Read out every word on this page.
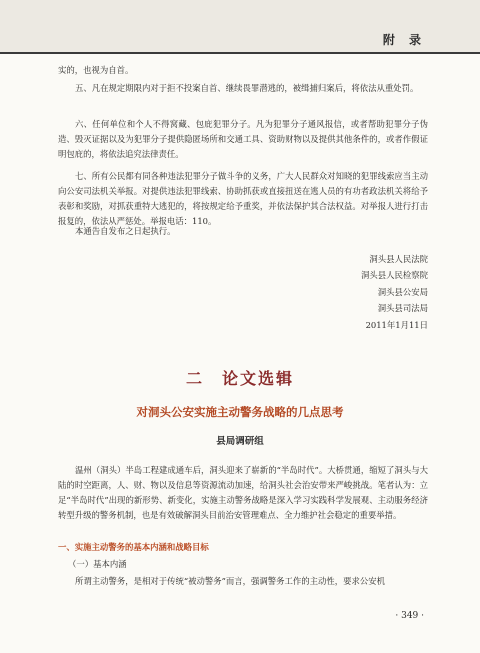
附 录

实的，也视为自首。

五、凡在规定期限内对于拒不投案自首、继续畏罪潜逃的，被缉捕归案后，将依法从重处罚。

六、任何单位和个人不得窝藏、包庇犯罪分子。凡为犯罪分子通风报信，或者帮助犯罪分子伪造、毁灭证据以及为犯罪分子提供隐匿场所和交通工具、资助财物以及提供其他条件的，或者作假证明包庇的，将依法追究法律责任。

七、所有公民都有同各种违法犯罪分子做斗争的义务，广大人民群众对知晓的犯罪线索应当主动向公安司法机关举报。对提供违法犯罪线索、协助抓获或直接扭送在逃人员的有功者政法机关将给予表彰和奖励，对抓获重特大逃犯的，将按规定给予重奖，并依法保护其合法权益。对举报人进行打击报复的，依法从严惩处。举报电话：110。

本通告自发布之日起执行。

洞头县人民法院
洞头县人民检察院
洞头县公安局
洞头县司法局
2011年1月11日
二　论文选辑
对洞头公安实施主动警务战略的几点思考
县局调研组

温州（洞头）半岛工程建成通车后，洞头迎来了崭新的“半岛时代”。大桥贯通，缩短了洞头与大陆的时空距离，人、财、物以及信息等资源流动加速，给洞头社会治安带来严峻挑战。笔者认为：立足“半岛时代”出现的新形势、新变化，实施主动警务战略是深入学习实践科学发展观、主动服务经济转型升级的警务机制，也是有效破解洞头目前治安管理难点、全力维护社会稳定的重要举措。

一、实施主动警务的基本内涵和战略目标
（一）基本内涵

所谓主动警务，是相对于传统“被动警务”而言，强调警务工作的主动性，要求公安机

· 349 ·
